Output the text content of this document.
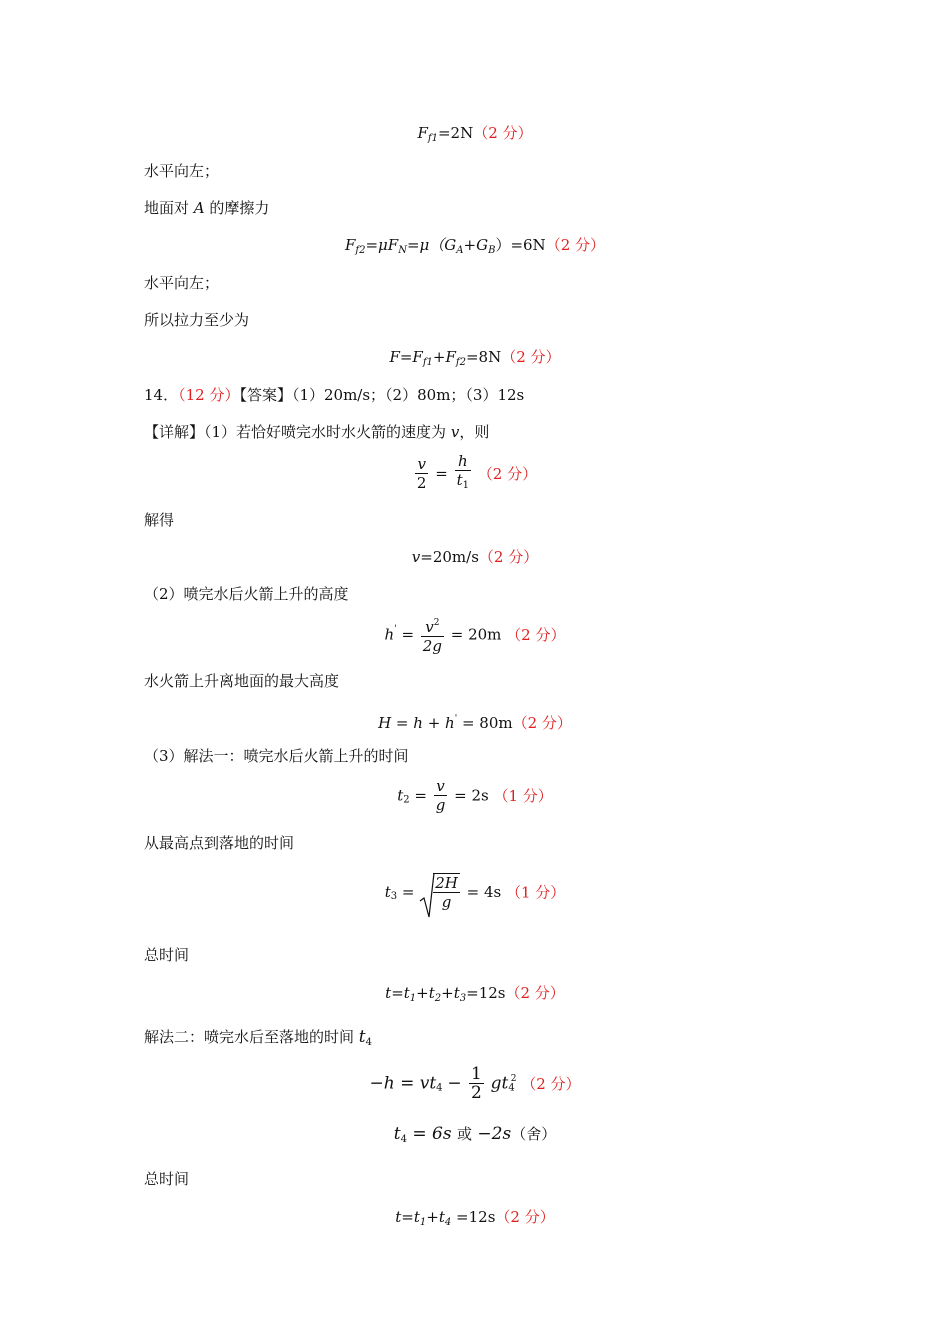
$F_{f1}=2N(2$ 分）
水平向左；
地面对 A 的摩擦力
$F_{f2}=\mu F_N=\mu(G_A+G_B)=6N(2$ 分）
水平向左；
所以拉力至少为
$F=F_{f1}+F_{f2}=8N(2$ 分）
14．（12 分）【答案】（1）20m/s；（2）80m；（3）12s
【详解】（1）若恰好喷完水时水火箭的速度为 v，则
$\frac{v}{2} = \frac{h}{t_1} (2$ 分）
解得
v=20m/s（2 分）
（2）喷完水后火箭上升的高度
$h' = \frac{v^2}{2g} = 20m$ （2 分）
水火箭上升离地面的最大高度
H = h + h' = 80m（2 分）
（3）解法一：喷完水后火箭上升的时间
$t_2 = \frac{v}{g} = 2s$ （1 分）
从最高点到落地的时间
$t_3 = \frac{2H}{g} = 4s$ （1 分）
总时间
$t=t_1+t_2+t_3=12s(2$ 分）
解法二：喷完水后至落地的时间 $t_4$
$-h = vt_4 - \frac{1}{2} gt_4^2$ （2 分）
$t_4 = 6s$ 或 −2s（舍）
总时间
$t=t_1+t_4 =12s(2$ 分）
